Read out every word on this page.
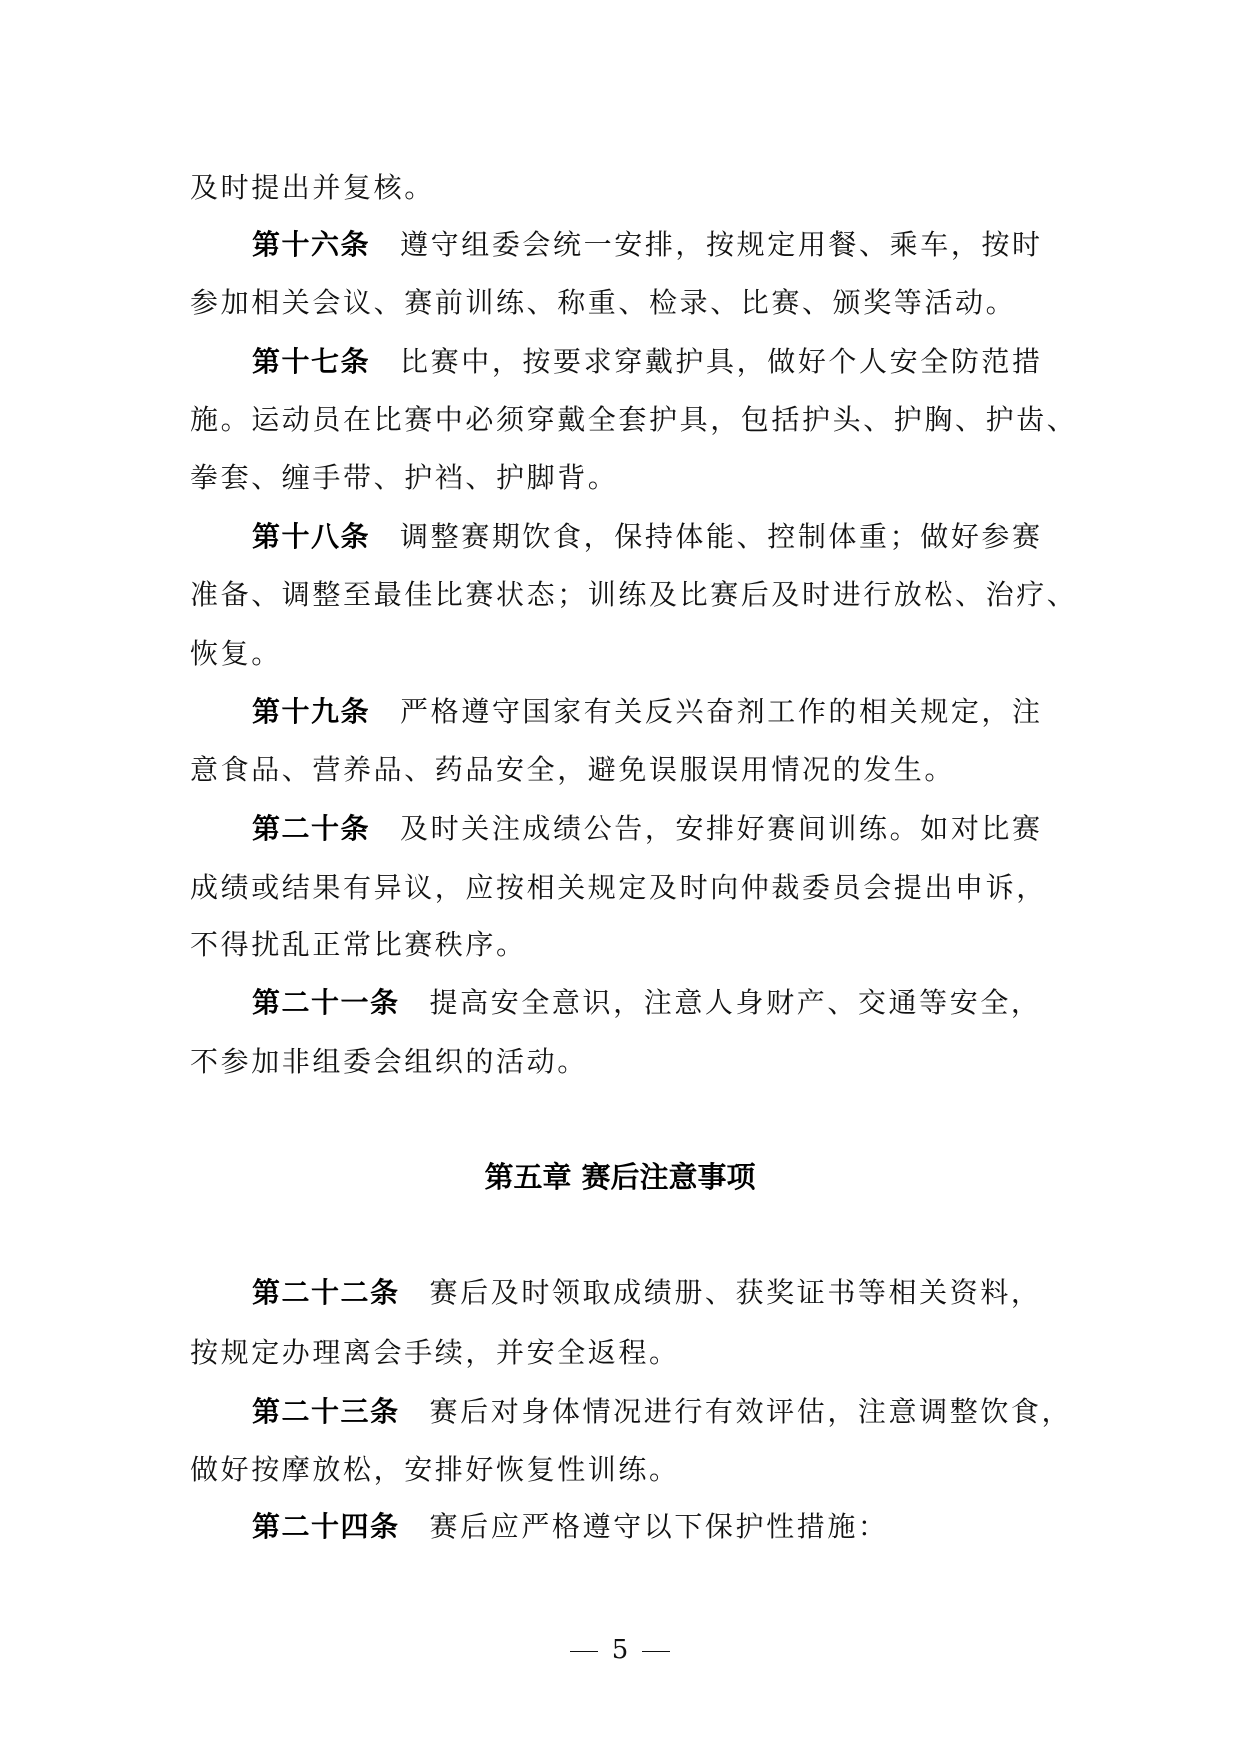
及时提出并复核。
第十六条 遵守组委会统一安排，按规定用餐、乘车，按时
参加相关会议、赛前训练、称重、检录、比赛、颁奖等活动。
第十七条 比赛中，按要求穿戴护具，做好个人安全防范措
施。运动员在比赛中必须穿戴全套护具，包括护头、护胸、护齿、
拳套、缠手带、护裆、护脚背。
第十八条 调整赛期饮食，保持体能、控制体重；做好参赛
准备、调整至最佳比赛状态；训练及比赛后及时进行放松、治疗、
恢复。
第十九条 严格遵守国家有关反兴奋剂工作的相关规定，注
意食品、营养品、药品安全，避免误服误用情况的发生。
第二十条 及时关注成绩公告，安排好赛间训练。如对比赛
成绩或结果有异议，应按相关规定及时向仲裁委员会提出申诉，
不得扰乱正常比赛秩序。
第二十一条 提高安全意识，注意人身财产、交通等安全，
不参加非组委会组织的活动。
第五章 赛后注意事项
第二十二条 赛后及时领取成绩册、获奖证书等相关资料，
按规定办理离会手续，并安全返程。
第二十三条 赛后对身体情况进行有效评估，注意调整饮食，
做好按摩放松，安排好恢复性训练。
第二十四条 赛后应严格遵守以下保护性措施：
5
